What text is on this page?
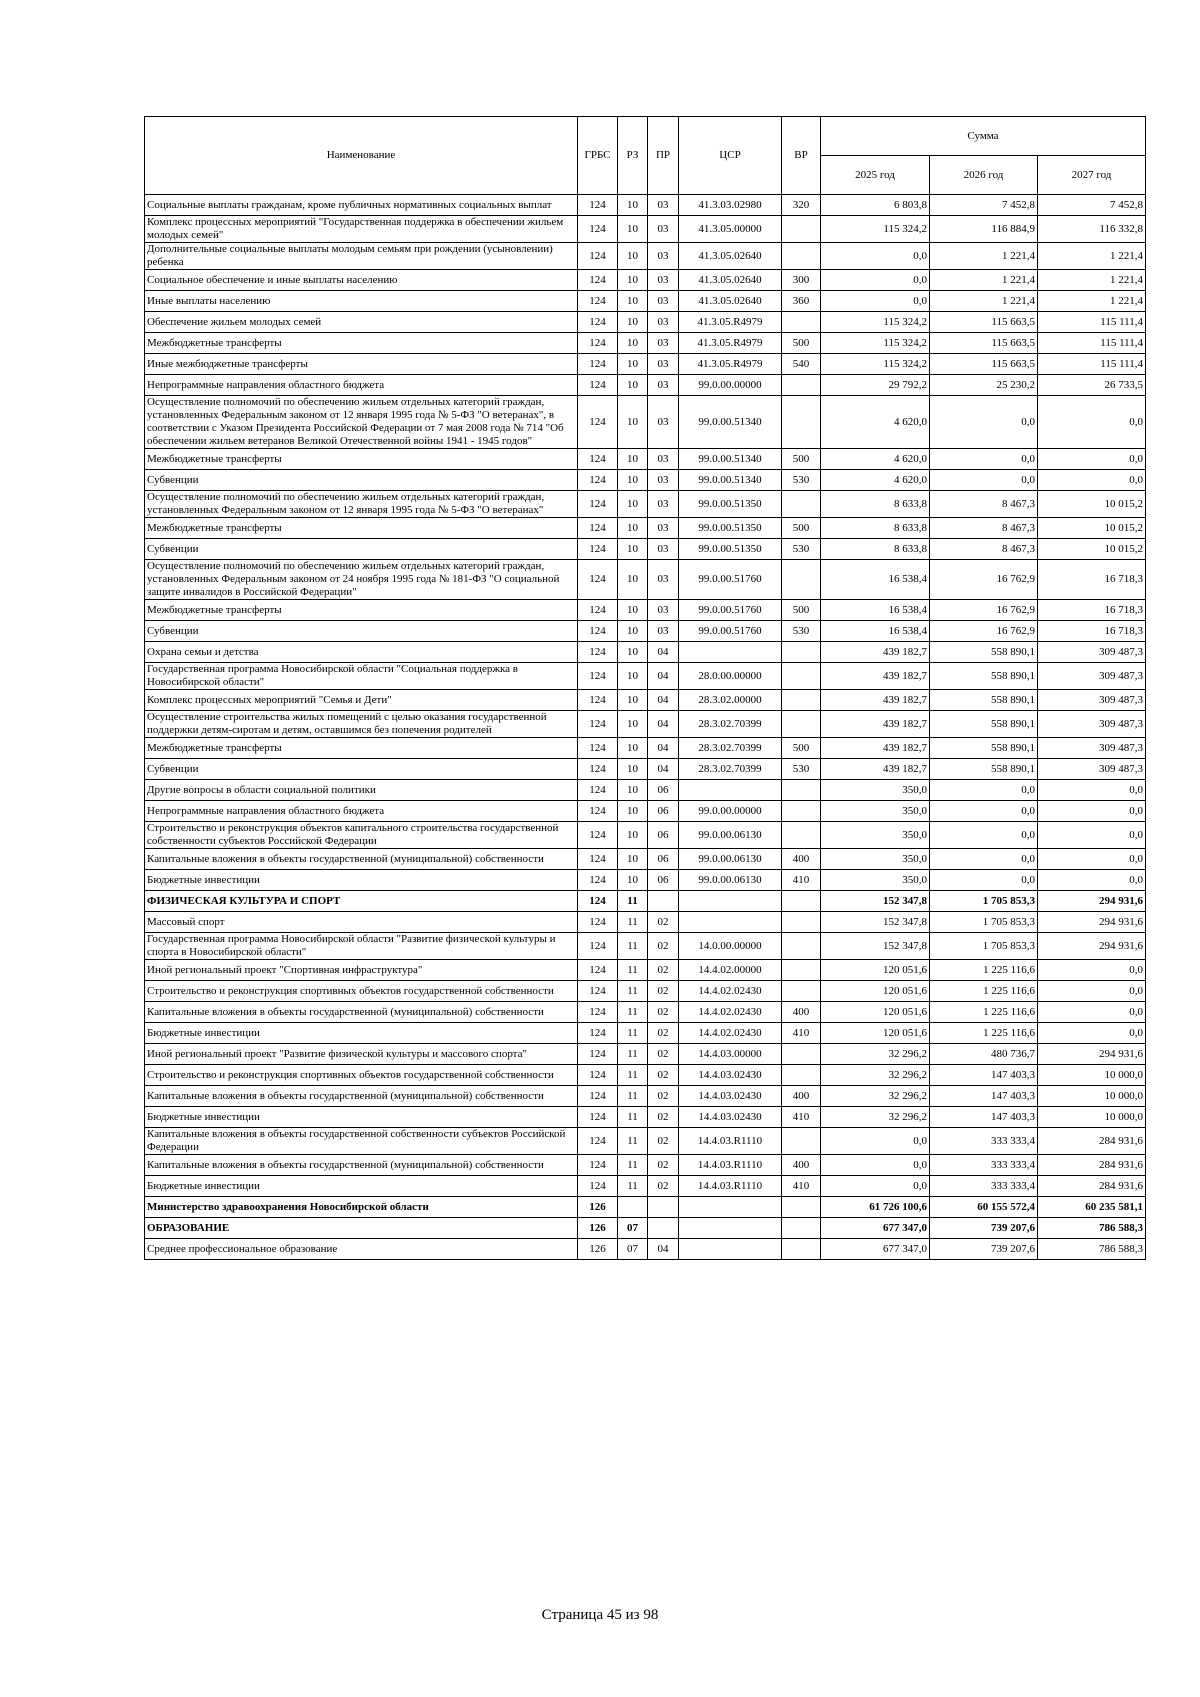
Наименование	ГРБС	РЗ	ПР	ЦСР	ВР	Сумма		
						2025 год	2026 год	2027 год
Социальные выплаты гражданам, кроме публичных нормативных социальных выплат	124	10	03	41.3.03.02980	320	6 803,8	7 452,8	7 452,8
Комплекс процессных мероприятий "Государственная поддержка в обеспечении жильем молодых семей"	124	10	03	41.3.05.00000		115 324,2	116 884,9	116 332,8
Дополнительные социальные выплаты молодым семьям при рождении (усыновлении) ребенка	124	10	03	41.3.05.02640		0,0	1 221,4	1 221,4
Социальное обеспечение и иные выплаты населению	124	10	03	41.3.05.02640	300	0,0	1 221,4	1 221,4
Иные выплаты населению	124	10	03	41.3.05.02640	360	0,0	1 221,4	1 221,4
Обеспечение жильем молодых семей	124	10	03	41.3.05.R4979		115 324,2	115 663,5	115 111,4
Межбюджетные трансферты	124	10	03	41.3.05.R4979	500	115 324,2	115 663,5	115 111,4
Иные межбюджетные трансферты	124	10	03	41.3.05.R4979	540	115 324,2	115 663,5	115 111,4
Непрограммные направления областного бюджета	124	10	03	99.0.00.00000		29 792,2	25 230,2	26 733,5
Осуществление полномочий по обеспечению жильем отдельных категорий граждан, установленных Федеральным законом от 12 января 1995 года № 5-ФЗ "О ветеранах", в соответствии с Указом Президента Российской Федерации от 7 мая 2008 года № 714 "Об обеспечении жильем ветеранов Великой Отечественной войны 1941 - 1945 годов"	124	10	03	99.0.00.51340		4 620,0	0,0	0,0
Межбюджетные трансферты	124	10	03	99.0.00.51340	500	4 620,0	0,0	0,0
Субвенции	124	10	03	99.0.00.51340	530	4 620,0	0,0	0,0
Осуществление полномочий по обеспечению жильем отдельных категорий граждан, установленных Федеральным законом от 12 января 1995 года № 5-ФЗ "О ветеранах"	124	10	03	99.0.00.51350		8 633,8	8 467,3	10 015,2
Межбюджетные трансферты	124	10	03	99.0.00.51350	500	8 633,8	8 467,3	10 015,2
Субвенции	124	10	03	99.0.00.51350	530	8 633,8	8 467,3	10 015,2
Осуществление полномочий по обеспечению жильем отдельных категорий граждан, установленных Федеральным законом от 24 ноября 1995 года № 181-ФЗ "О социальной защите инвалидов в Российской Федерации"	124	10	03	99.0.00.51760		16 538,4	16 762,9	16 718,3
Межбюджетные трансферты	124	10	03	99.0.00.51760	500	16 538,4	16 762,9	16 718,3
Субвенции	124	10	03	99.0.00.51760	530	16 538,4	16 762,9	16 718,3
Охрана семьи и детства	124	10	04			439 182,7	558 890,1	309 487,3
Государственная программа Новосибирской области "Социальная поддержка в Новосибирской области"	124	10	04	28.0.00.00000		439 182,7	558 890,1	309 487,3
Комплекс процессных мероприятий "Семья и Дети"	124	10	04	28.3.02.00000		439 182,7	558 890,1	309 487,3
Осуществление строительства жилых помещений с целью оказания государственной поддержки детям-сиротам и детям, оставшимся без попечения родителей	124	10	04	28.3.02.70399		439 182,7	558 890,1	309 487,3
Межбюджетные трансферты	124	10	04	28.3.02.70399	500	439 182,7	558 890,1	309 487,3
Субвенции	124	10	04	28.3.02.70399	530	439 182,7	558 890,1	309 487,3
Другие вопросы в области социальной политики	124	10	06			350,0	0,0	0,0
Непрограммные направления областного бюджета	124	10	06	99.0.00.00000		350,0	0,0	0,0
Строительство и реконструкция объектов капитального строительства государственной собственности субъектов Российской Федерации	124	10	06	99.0.00.06130		350,0	0,0	0,0
Капитальные вложения в объекты государственной (муниципальной) собственности	124	10	06	99.0.00.06130	400	350,0	0,0	0,0
Бюджетные инвестиции	124	10	06	99.0.00.06130	410	350,0	0,0	0,0
ФИЗИЧЕСКАЯ КУЛЬТУРА И СПОРТ	124	11				152 347,8	1 705 853,3	294 931,6
Массовый спорт	124	11	02			152 347,8	1 705 853,3	294 931,6
Государственная программа Новосибирской области "Развитие физической культуры и спорта в Новосибирской области"	124	11	02	14.0.00.00000		152 347,8	1 705 853,3	294 931,6
Иной региональный проект "Спортивная инфраструктура"	124	11	02	14.4.02.00000		120 051,6	1 225 116,6	0,0
Строительство и реконструкция спортивных объектов государственной собственности	124	11	02	14.4.02.02430		120 051,6	1 225 116,6	0,0
Капитальные вложения в объекты государственной (муниципальной) собственности	124	11	02	14.4.02.02430	400	120 051,6	1 225 116,6	0,0
Бюджетные инвестиции	124	11	02	14.4.02.02430	410	120 051,6	1 225 116,6	0,0
Иной региональный проект "Развитие физической культуры и массового спорта"	124	11	02	14.4.03.00000		32 296,2	480 736,7	294 931,6
Строительство и реконструкция спортивных объектов государственной собственности	124	11	02	14.4.03.02430		32 296,2	147 403,3	10 000,0
Капитальные вложения в объекты государственной (муниципальной) собственности	124	11	02	14.4.03.02430	400	32 296,2	147 403,3	10 000,0
Бюджетные инвестиции	124	11	02	14.4.03.02430	410	32 296,2	147 403,3	10 000,0
Капитальные вложения в объекты государственной собственности субъектов Российской Федерации	124	11	02	14.4.03.R1110		0,0	333 333,4	284 931,6
Капитальные вложения в объекты государственной (муниципальной) собственности	124	11	02	14.4.03.R1110	400	0,0	333 333,4	284 931,6
Бюджетные инвестиции	124	11	02	14.4.03.R1110	410	0,0	333 333,4	284 931,6
Министерство здравоохранения Новосибирской области	126					61 726 100,6	60 155 572,4	60 235 581,1
ОБРАЗОВАНИЕ	126	07				677 347,0	739 207,6	786 588,3
Среднее профессиональное образование	126	07	04			677 347,0	739 207,6	786 588,3
Страница 45 из 98
